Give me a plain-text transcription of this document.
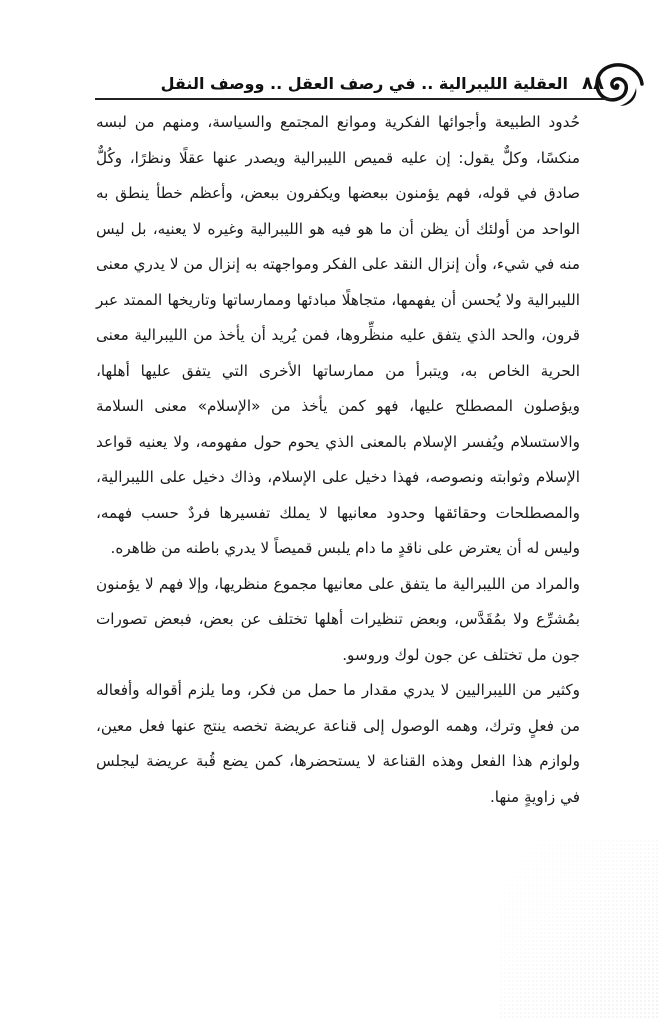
٨٨
العقلية الليبرالية .. في رصف العقل .. ووصف النقل

حُدود الطبيعة وأجوائها الفكرية وموانع المجتمع والسياسة، ومنهم من لبسه منكسًا، وكلٌّ يقول: إن عليه قميص الليبرالية ويصدر عنها عقلًا ونظرًا، وكُلٌّ صادق في قوله، فهم يؤمنون ببعضها ويكفرون ببعض، وأعظم خطأ ينطق به الواحد من أولئك أن يظن أن ما هو فيه هو الليبرالية وغيره لا يعنيه، بل ليس منه في شيء، وأن إنزال النقد على الفكر ومواجهته به إنزال من لا يدري معنى الليبرالية ولا يُحسن أن يفهمها، متجاهلًا مبادئها وممارساتها وتاريخها الممتد عبر قرون، والحد الذي يتفق عليه منظِّروها، فمن يُريد أن يأخذ من الليبرالية معنى الحرية الخاص به، ويتبرأ من ممارساتها الأخرى التي يتفق عليها أهلها، ويؤصلون المصطلح عليها، فهو كمن يأخذ من «الإسلام» معنى السلامة والاستسلام ويُفسر الإسلام بالمعنى الذي يحوم حول مفهومه، ولا يعنيه قواعد الإسلام وثوابته ونصوصه، فهذا دخيل على الإسلام، وذاك دخيل على الليبرالية، والمصطلحات وحقائقها وحدود معانيها لا يملك تفسيرها فردٌ حسب فهمه، وليس له أن يعترض على ناقدٍ ما دام يلبس قميصاً لا يدري باطنه من ظاهره.

والمراد من الليبرالية ما يتفق على معانيها مجموع منظريها، وإلا فهم لا يؤمنون بمُشرِّع ولا بمُقَدَّس، وبعض تنظيرات أهلها تختلف عن بعض، فبعض تصورات جون مل تختلف عن جون لوك وروسو.

وكثير من الليبراليين لا يدري مقدار ما حمل من فكر، وما يلزم أقواله وأفعاله من فعلٍ وترك، وهمه الوصول إلى قناعة عريضة تخصه ينتج عنها فعل معين، ولوازم هذا الفعل وهذه القناعة لا يستحضرها، كمن يضع قُبة عريضة ليجلس في زاويةٍ منها.
